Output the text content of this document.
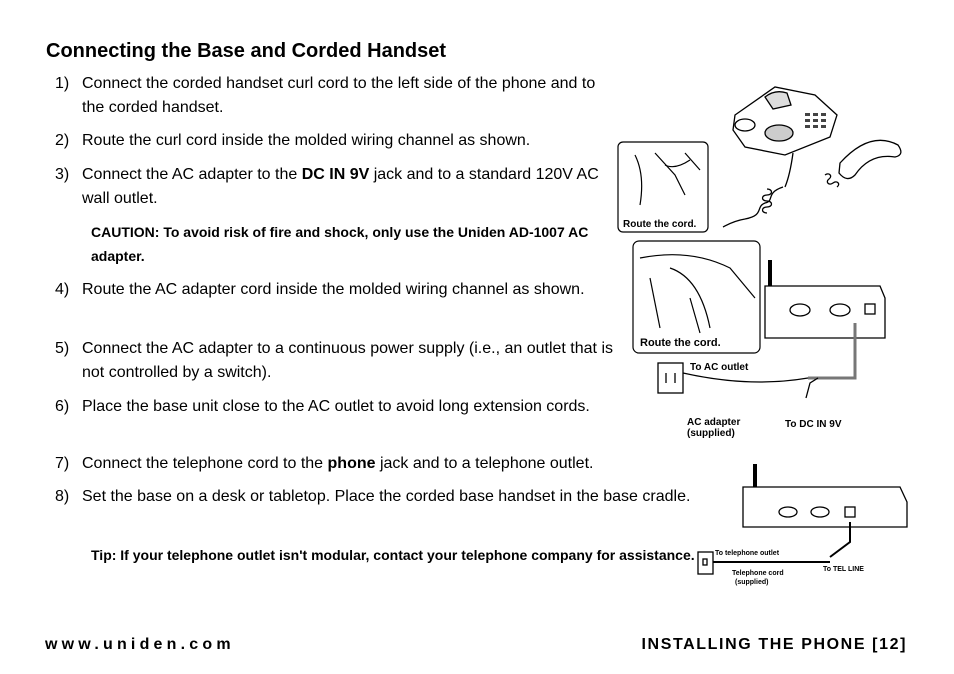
Connecting the Base and Corded Handset
1) Connect the corded handset curl cord to the left side of the phone and to the corded handset.
2) Route the curl cord inside the molded wiring channel as shown.
3) Connect the AC adapter to the DC IN 9V jack and to a standard 120V AC wall outlet.
CAUTION: To avoid risk of fire and shock, only use the Uniden AD-1007 AC adapter.
4) Route the AC adapter cord inside the molded wiring channel as shown.
5) Connect the AC adapter to a continuous power supply (i.e., an outlet that is not controlled by a switch).
6) Place the base unit close to the AC outlet to avoid long extension cords.
7) Connect the telephone cord to the phone jack and to a telephone outlet.
8) Set the base on a desk or tabletop. Place the corded base handset in the base cradle.
Tip: If your telephone outlet isn't modular, contact your telephone company for assistance.
Route the cord.
Route the cord.
To AC outlet
AC adapter
(supplied)
To DC IN 9V
To telephone outlet
Telephone cord
(supplied)
To TEL LINE
www.uniden.com	INSTALLING THE PHONE [12]
